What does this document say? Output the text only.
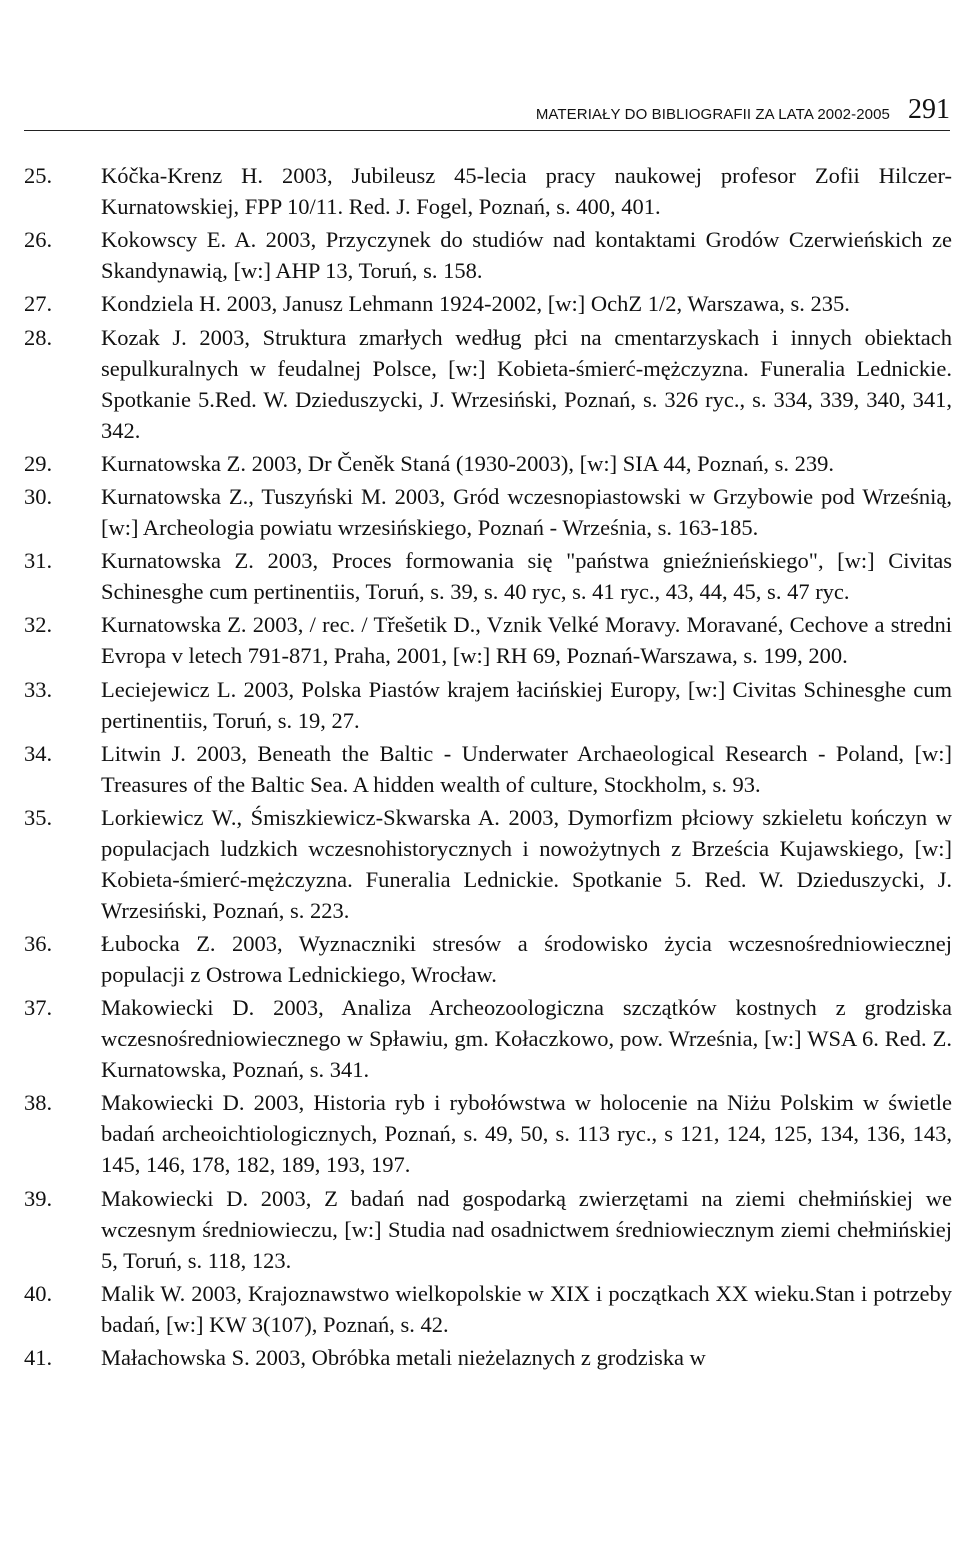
MATERIAŁY DO BIBLIOGRAFII ZA LATA 2002-2005 291
25.	Kóčka-Krenz H. 2003, Jubileusz 45-lecia pracy naukowej profesor Zofii Hilczer-Kurnatowskiej, FPP 10/11. Red. J. Fogel, Poznań, s. 400, 401.
26.	Kokowscy E. A. 2003, Przyczynek do studiów nad kontaktami Grodów Czerwieńskich ze Skandynawią, [w:] AHP 13, Toruń, s. 158.
27.	Kondziela H. 2003, Janusz Lehmann 1924-2002, [w:] OchZ 1/2, Warszawa, s. 235.
28.	Kozak J. 2003, Struktura zmarłych według płci na cmentarzyskach i innych obiektach sepulkuralnych w feudalnej Polsce, [w:] Kobieta-śmierć-mężczyzna. Funeralia Lednickie. Spotkanie 5.Red. W. Dzieduszycki, J. Wrzesiński, Poznań, s. 326 ryc., s. 334, 339, 340, 341, 342.
29.	Kurnatowska Z. 2003, Dr Čeněk Staná (1930-2003), [w:] SIA 44, Poznań, s. 239.
30.	Kurnatowska Z., Tuszyński M. 2003, Gród wczesnopiastowski w Grzybowie pod Wrześnią, [w:] Archeologia powiatu wrzesińskiego, Poznań - Września, s. 163-185.
31.	Kurnatowska Z. 2003, Proces formowania się "państwa gnieźnieńskiego", [w:] Civitas Schinesghe cum pertinentiis, Toruń, s. 39, s. 40 ryc, s. 41 ryc., 43, 44, 45, s. 47 ryc.
32.	Kurnatowska Z. 2003, / rec. / Třešetik D., Vznik Velké Moravy. Moravané, Cechove a stredni Evropa v letech 791-871, Praha, 2001, [w:] RH 69, Poznań-Warszawa, s. 199, 200.
33.	Leciejewicz L. 2003, Polska Piastów krajem łacińskiej Europy, [w:] Civitas Schinesghe cum pertinentiis, Toruń, s. 19, 27.
34.	Litwin J. 2003, Beneath the Baltic - Underwater Archaeological Research - Poland, [w:] Treasures of the Baltic Sea. A hidden wealth of culture, Stockholm, s. 93.
35.	Lorkiewicz W., Śmiszkiewicz-Skwarska A. 2003, Dymorfizm płciowy szkieletu kończyn w populacjach ludzkich wczesnohistorycznych i nowożytnych z Brześcia Kujawskiego, [w:] Kobieta-śmierć-mężczyzna. Funeralia Lednickie. Spotkanie 5. Red. W. Dzieduszycki, J. Wrzesiński, Poznań, s. 223.
36.	Łubocka Z. 2003, Wyznaczniki stresów a środowisko życia wczesnośredniowiecznej populacji z Ostrowa Lednickiego, Wrocław.
37.	Makowiecki D. 2003, Analiza Archeozoologiczna szczątków kostnych z grodziska wczesnośredniowiecznego w Spławiu, gm. Kołaczkowo, pow. Września, [w:] WSA 6. Red. Z. Kurnatowska, Poznań, s. 341.
38.	Makowiecki D. 2003, Historia ryb i rybołówstwa w holocenie na Niżu Polskim w świetle badań archeoichtiologicznych, Poznań, s. 49, 50, s. 113 ryc., s 121, 124, 125, 134, 136, 143, 145, 146, 178, 182, 189, 193, 197.
39.	Makowiecki D. 2003, Z badań nad gospodarką zwierzętami na ziemi chełmińskiej we wczesnym średniowieczu, [w:] Studia nad osadnictwem średniowiecznym ziemi chełmińskiej 5, Toruń, s. 118, 123.
40.	Malik W. 2003, Krajoznawstwo wielkopolskie w XIX i początkach XX wieku.Stan i potrzeby badań, [w:] KW 3(107), Poznań, s. 42.
41.	Małachowska S. 2003, Obróbka metali nieżelaznych z grodziska w
